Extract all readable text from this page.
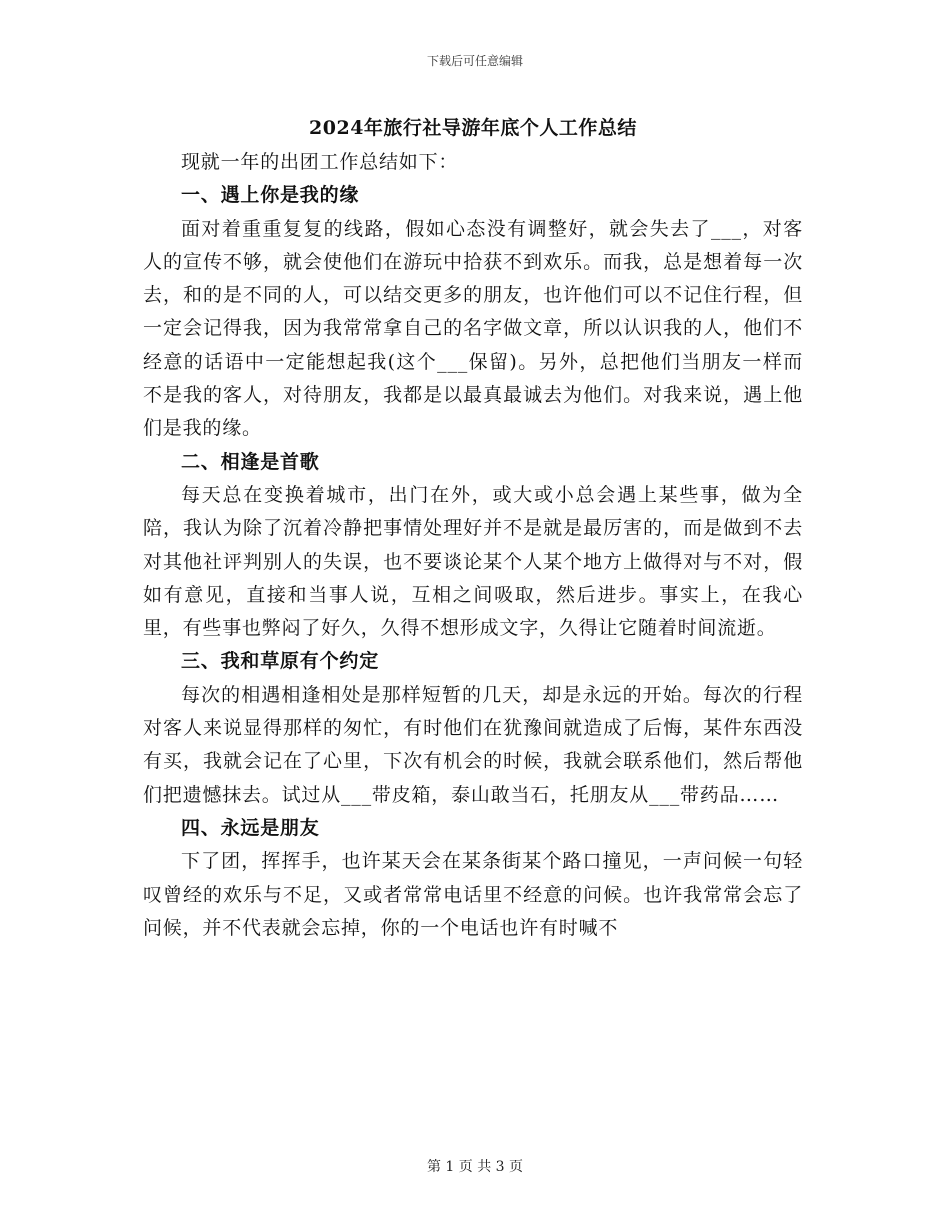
下载后可任意编辑
2024年旅行社导游年底个人工作总结

现就一年的出团工作总结如下：

一、遇上你是我的缘

面对着重重复复的线路，假如心态没有调整好，就会失去了___，对客人的宣传不够，就会使他们在游玩中拾获不到欢乐。而我，总是想着每一次去，和的是不同的人，可以结交更多的朋友，也许他们可以不记住行程，但一定会记得我，因为我常常拿自己的名字做文章，所以认识我的人，他们不经意的话语中一定能想起我(这个___保留)。另外，总把他们当朋友一样而不是我的客人，对待朋友，我都是以最真最诚去为他们。对我来说，遇上他们是我的缘。

二、相逢是首歌

每天总在变换着城市，出门在外，或大或小总会遇上某些事，做为全陪，我认为除了沉着冷静把事情处理好并不是就是最厉害的，而是做到不去对其他社评判别人的失误，也不要谈论某个人某个地方上做得对与不对，假如有意见，直接和当事人说，互相之间吸取，然后进步。事实上，在我心里，有些事也弊闷了好久，久得不想形成文字，久得让它随着时间流逝。

三、我和草原有个约定

每次的相遇相逢相处是那样短暂的几天，却是永远的开始。每次的行程对客人来说显得那样的匆忙，有时他们在犹豫间就造成了后悔，某件东西没有买，我就会记在了心里，下次有机会的时候，我就会联系他们，然后帮他们把遗憾抹去。试过从___带皮箱，泰山敢当石，托朋友从___带药品……

四、永远是朋友

下了团，挥挥手，也许某天会在某条街某个路口撞见，一声问候一句轻叹曾经的欢乐与不足，又或者常常电话里不经意的问候。也许我常常会忘了问候，并不代表就会忘掉，你的一个电话也许有时喊不

第 1 页 共 3 页
